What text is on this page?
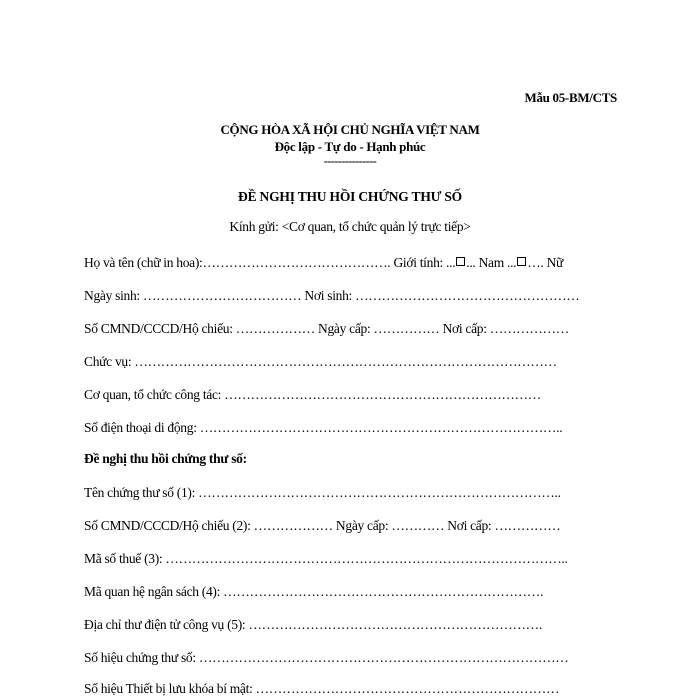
Mẫu 05-BM/CTS
CỘNG HÒA XÃ HỘI CHỦ NGHĨA VIỆT NAM
Độc lập - Tự do - Hạnh phúc
---------------
ĐỀ NGHỊ THU HỒI CHỨNG THƯ SỐ
Kính gửi: <Cơ quan, tổ chức quản lý trực tiếp>
Họ và tên (chữ in hoa):……………………………………. Giới tính: ... ... Nam ... …. Nữ
Ngày sinh: ……………………………… Nơi sinh: ……………………………………………
Số CMND/CCCD/Hộ chiếu: ……………… Ngày cấp: …………… Nơi cấp: ………………
Chức vụ: ……………………………………………………………………………………
Cơ quan, tổ chức công tác: ………………………………………………………………
Số điện thoại di động: ………………………………………………………………………..
Đề nghị thu hồi chứng thư số:
Tên chứng thư số (1): ………………………………………………………………………..
Số CMND/CCCD/Hộ chiếu (2): ……………… Ngày cấp: ………… Nơi cấp: ……………
Mã số thuế (3): ………………………………………………………………………………..
Mã quan hệ ngân sách (4): ……………………………………………………………….
Địa chỉ thư điện tử công vụ (5): ………………………………………………………….
Số hiệu chứng thư số: …………………………………………………………………………
Số hiệu Thiết bị lưu khóa bí mật: ……………………………………………………………
